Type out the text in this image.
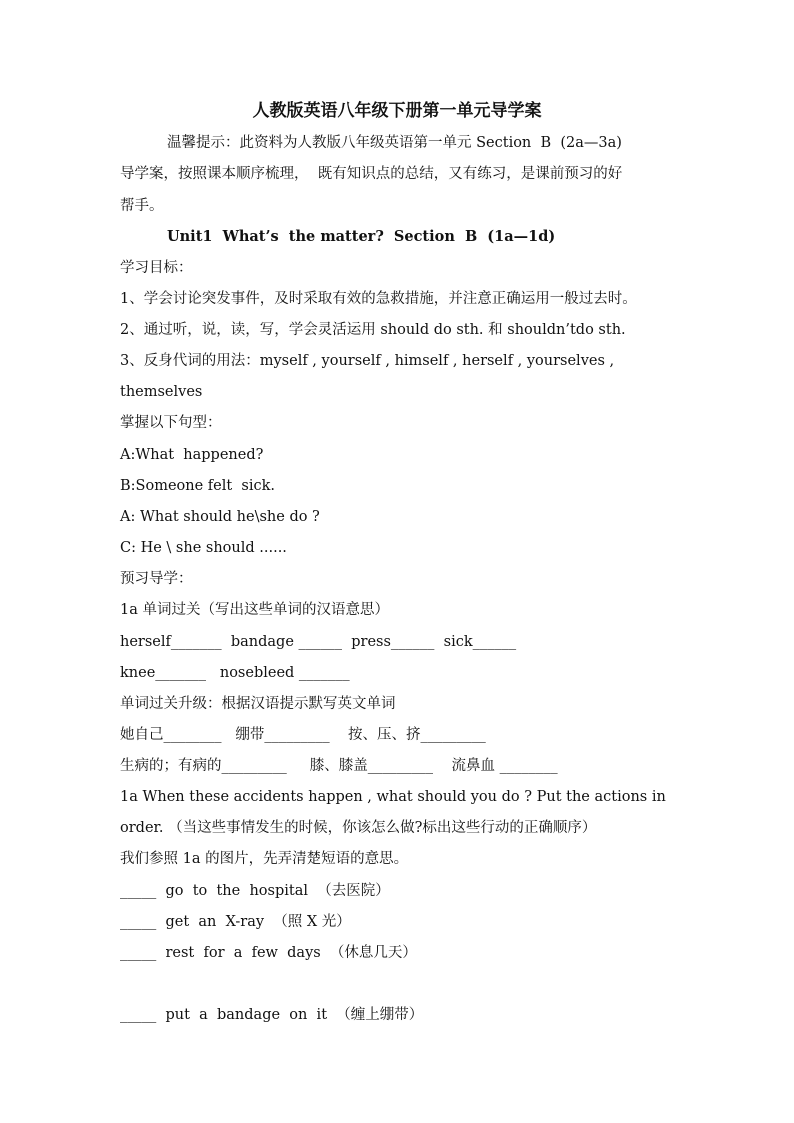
人教版英语八年级下册第一单元导学案
温馨提示：此资料为人教版八年级英语第一单元 Section  B  (2a—3a)
导学案，按照课本顺序梳理，  既有知识点的总结，又有练习，是课前预习的好
帮手。
Unit1  What’s  the matter?  Section  B  (1a—1d)
学习目标：
1、学会讨论突发事件，及时采取有效的急救措施，并注意正确运用一般过去时。
2、通过听，说，读，写，学会灵活运用 should do sth. 和 shouldn’tdo sth.
3、反身代词的用法：myself , yourself , himself , herself , yourselves ,
themselves
掌握以下句型：
A:What  happened?
B:Someone felt  sick.
A: What should he\she do ?
C: He \ she should ......
预习导学：
1a 单词过关（写出这些单词的汉语意思）
herself_______  bandage ______  press______  sick______
knee_______   nosebleed _______
单词过关升级：根据汉语提示默写英文单词
她自己________   绷带_________    按、压、挤_________
生病的；有病的_________     膝、膝盖_________    流鼻血 ________
1a When these accidents happen , what should you do ? Put the actions in
order. （当这些事情发生的时候，你该怎么做?标出这些行动的正确顺序）
我们参照 1a 的图片，先弄清楚短语的意思。
_____  go  to  the  hospital  （去医院）
_____  get  an  X-ray  （照 X 光）
_____  rest  for  a  few  days  （休息几天）
_____  put  a  bandage  on  it  （缠上绷带）
